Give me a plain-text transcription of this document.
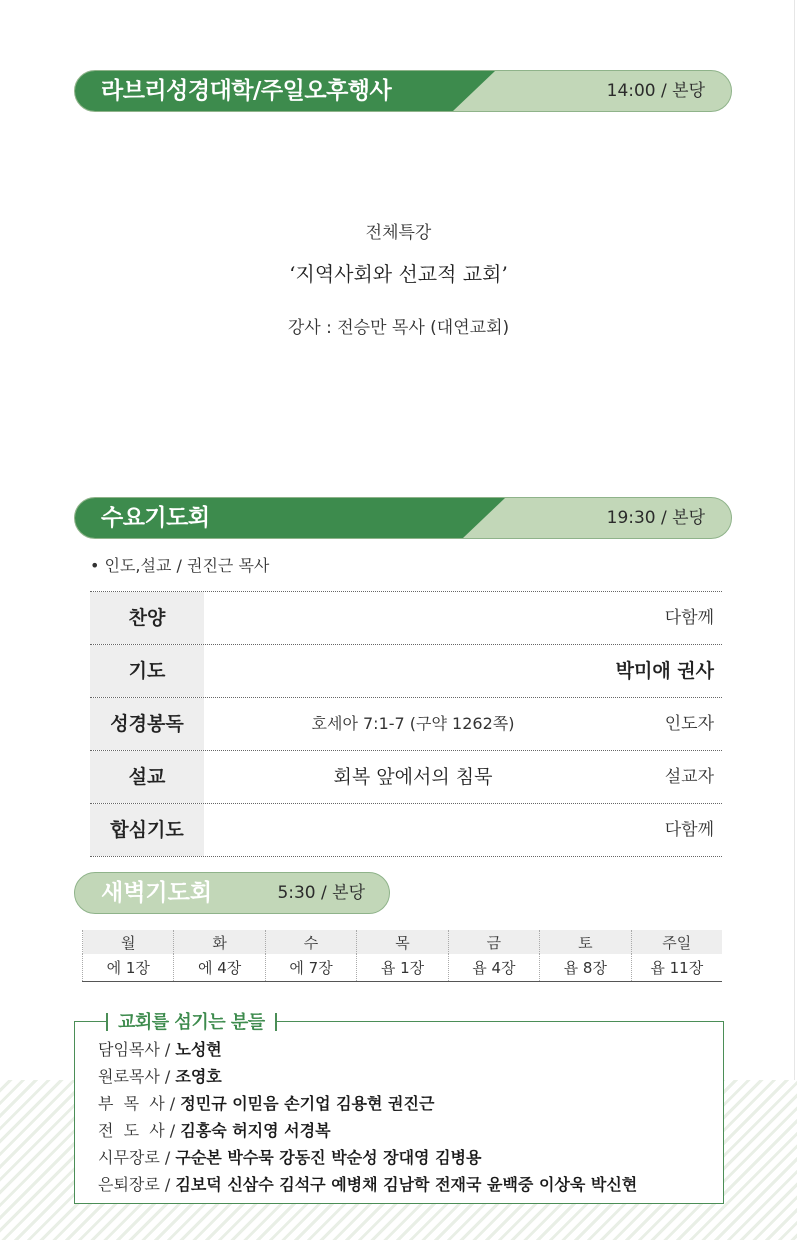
라브리성경대학/주일오후행사	14:00 / 본당
전체특강
‘지역사회와 선교적 교회’
강사 : 전승만 목사 (대연교회)
수요기도회	19:30 / 본당
• 인도,설교 / 권진근 목사
찬양	다함께
기도	박미애 권사
성경봉독	호세아 7:1-7 (구약 1262쪽)	인도자
설교	회복 앞에서의 침묵	설교자
합심기도	다함께
새벽기도회	5:30 / 본당
월	화	수	목	금	토	주일
에 1장	에 4장	에 7장	욥 1장	욥 4장	욥 8장	욥 11장
교회를 섬기는 분들
담임목사 / 노성현
원로목사 / 조영호
부  목  사 / 정민규 이믿음 손기업 김용현 권진근
전  도  사 / 김홍숙 허지영 서경복
시무장로 / 구순본 박수묵 강동진 박순성 장대영 김병용
은퇴장로 / 김보덕 신삼수 김석구 예병채 김남학 전재국 윤백중 이상욱 박신현
